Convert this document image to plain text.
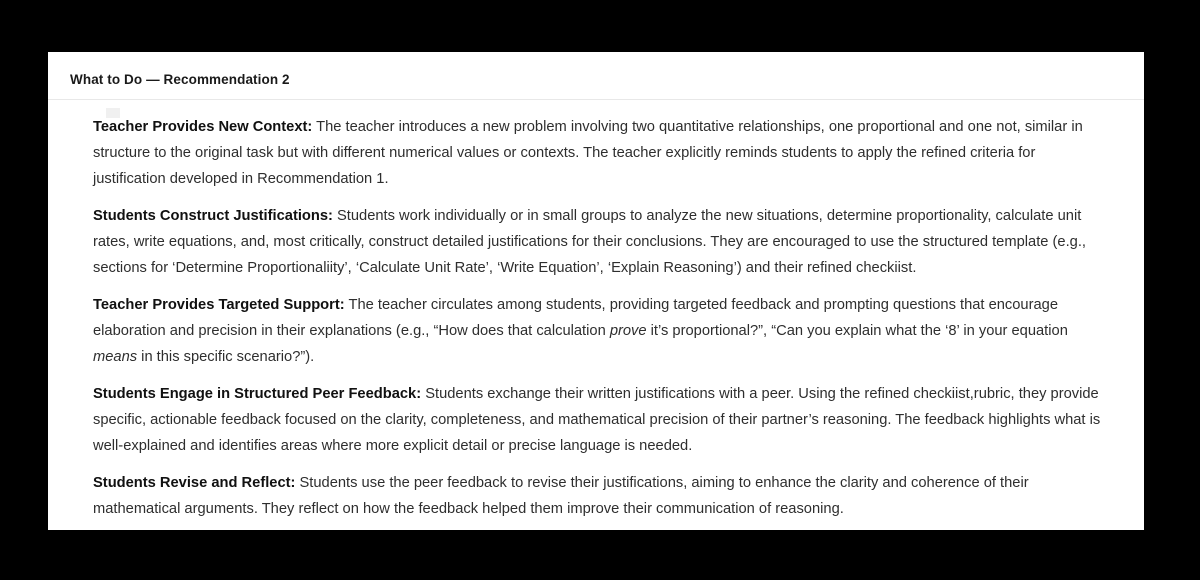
What to Do — Recommendation 2

Teacher Provides New Context: The teacher introduces a new problem involving two quantitative relationships, one proportional and one not, similar in structure to the original task but with different numerical values or contexts. The teacher explicitly reminds students to apply the refined criteria for justification developed in Recommendation 1.

Students Construct Justifications: Students work individually or in small groups to analyze the new situations, determine proportionality, calculate unit rates, write equations, and, most critically, construct detailed justifications for their conclusions. They are encouraged to use the structured template (e.g., sections for ‘Determine Proportionaliity’, ‘Calculate Unit Rate’, ‘Write Equation’, ‘Explain Reasoning’) and their refined checkiist.

Teacher Provides Targeted Support: The teacher circulates among students, providing targeted feedback and prompting questions that encourage elaboration and precision in their explanations (e.g., “How does that calculation prove it’s proportional?”, “Can you explain what the ‘8’ in your equation means in this specific scenario?”).

Students Engage in Structured Peer Feedback: Students exchange their written justifications with a peer. Using the refined checkiist,rubric, they provide specific, actionable feedback focused on the clarity, completeness, and mathematical precision of their partner’s reasoning. The feedback highlights what is well-explained and identifies areas where more explicit detail or precise language is needed.

Students Revise and Reflect: Students use the peer feedback to revise their justifications, aiming to enhance the clarity and coherence of their mathematical arguments. They reflect on how the feedback helped them improve their communication of reasoning.
